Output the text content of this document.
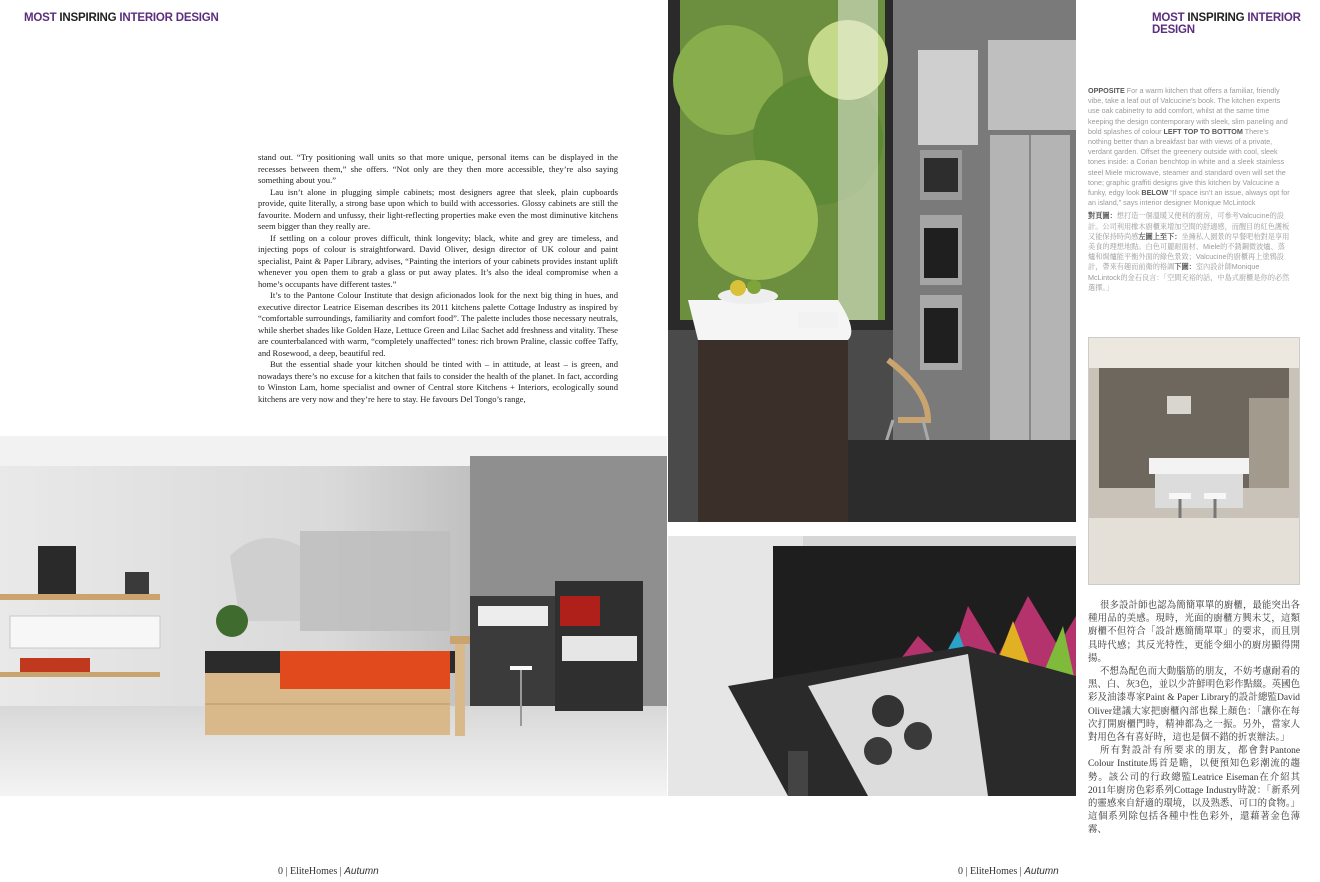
MOST INSPIRING INTERIOR DESIGN	MOST INSPIRING INTERIOR DESIGN

stand out. “Try positioning wall units so that more unique, personal items can be displayed in the recesses between them,” she offers. “Not only are they then more accessible, they’re also saying something about you.”

Lau isn’t alone in plugging simple cabinets; most designers agree that sleek, plain cupboards provide, quite literally, a strong base upon which to build with accessories. Glossy cabinets are still the favourite. Modern and unfussy, their light-reflecting properties make even the most diminutive kitchens seem bigger than they really are.

If settling on a colour proves difficult, think longevity; black, white and grey are timeless, and injecting pops of colour is straightforward. David Oliver, design director of UK colour and paint specialist, Paint & Paper Library, advises, “Painting the interiors of your cabinets provides instant uplift whenever you open them to grab a glass or put away plates. It’s also the ideal compromise when a home’s occupants have different tastes.”

It’s to the Pantone Colour Institute that design aficionados look for the next big thing in hues, and executive director Leatrice Eiseman describes its 2011 kitchens palette Cottage Industry as inspired by “comfortable surroundings, familiarity and comfort food”. The palette includes those necessary neutrals, while sherbet shades like Golden Haze, Lettuce Green and Lilac Sachet add freshness and vitality. These are counterbalanced with warm, “completely unaffected” tones: rich brown Praline, classic coffee Taffy, and Rosewood, a deep, beautiful red.

But the essential shade your kitchen should be tinted with – in attitude, at least – is green, and nowadays there’s no excuse for a kitchen that fails to consider the health of the planet. In fact, according to Winston Lam, home specialist and owner of Central store Kitchens + Interiors, ecologically sound kitchens are very now and they’re here to stay. He favours Del Tongo’s range,

OPPOSITE For a warm kitchen that offers a familiar, friendly vibe, take a leaf out of Valcucine’s book. The kitchen experts use oak cabinetry to add comfort, whilst at the same time keeping the design contemporary with sleek, slim paneling and bold splashes of colour LEFT TOP TO BOTTOM There’s nothing better than a breakfast bar with views of a private, verdant garden. Offset the greenery outside with cool, sleek tones inside: a Corian benchtop in white and a sleek stainless steel Miele microwave, steamer and standard oven will set the tone; graphic graffiti designs give this kitchen by Valcucine a funky, edgy look BELOW “If space isn’t an issue, always opt for an island,” says interior designer Monique McLintock

對頁圖：想打造一個溫暖又便利的廚房，可參考Valcucine的設計。公司利用橡木廚櫃來增加空間的舒適感，而醒目的紅色護板又能保持時尚感左圖上至下：坐擁私人園景的早餐吧枱對是享用美食的理想地點。白色可麗耐面材、Miele的不銹鋼微波爐、蒸爐和焗爐能平衡外面的綠色景致；Valcucine的廚櫃再上塗鴉設計，帶來有趣而前衛的格調下圖：室內設計師Monique McLintock的金石良言：「空間充裕的話，中島式廚櫃是你的必然選擇。」

很多設計師也認為簡簡單單的廚櫃，最能突出各種用品的美感。現時，光面的廚櫃方興未艾，這類廚櫃不但符合「設計應簡簡單單」的要求，而且別具時代感；其反光特性，更能令細小的廚房顯得開揚。

不想為配色而大動腦筋的朋友，不妨考慮耐看的黑、白、灰3色，並以少許鮮明色彩作點綴。英國色彩及油漆專家Paint & Paper Library的設計總監David Oliver建議大家把廚櫃內部也髹上顏色：「讓你在每次打開廚櫃門時，精神都為之一振。另外，當家人對用色各有喜好時，這也是個不錯的折衷辦法。」

所有對設計有所要求的朋友，都會對Pantone Colour Institute馬首是瞻，以便預知色彩潮流的趨勢。該公司的行政總監Leatrice Eiseman在介紹其2011年廚房色彩系列Cottage Industry時說：「新系列的靈感來自舒適的環境，以及熟悉、可口的食物。」這個系列除包括各種中性色彩外，還藉著金色薄霧、

0 | EliteHomes | Autumn	0 | EliteHomes | Autumn
